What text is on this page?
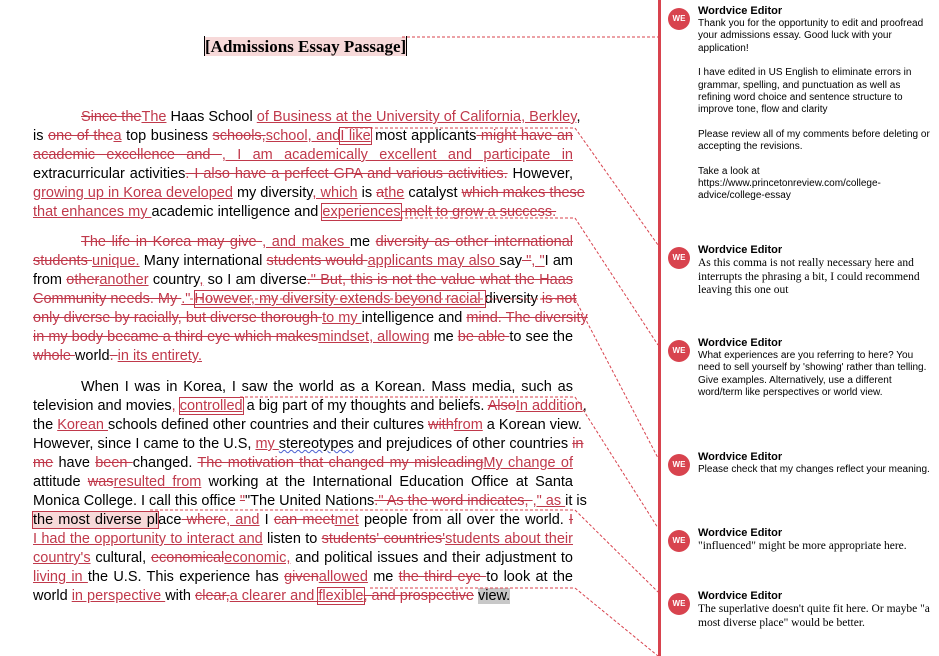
[Admissions Essay Passage]
Since theThe Haas School of Business at the University of California, Berkley,
is one of thea top business schools,school, andI like most applicants might have an
academic excellence and , I am academically excellent and participate in
extracurricular activities. I also have a perfect GPA and various activities. However,
growing up in Korea developed my diversity, which is athe catalyst which makes these
that enhances my academic intelligence and experiences melt to grow a success.
The life in Korea may give , and makes me diversity as other international
students unique. Many international students would applicants may also say ", "I am
from otheranother country, so I am diverse." But, this is not the value what the Haas
Community needs. My ." However, my diversity extends beyond racial diversity is not
only diverse by racially, but diverse thorough to my intelligence and mind. The diversity
in my body became a third eye which makesmindset, allowing me be able to see the
whole world. in its entirety.
When I was in Korea, I saw the world as a Korean. Mass media, such as
television and movies, controlled a big part of my thoughts and beliefs. AlsoIn addition,
the Korean schools defined other countries and their cultures withfrom a Korean view.
However, since I came to the U.S, my stereotypes and prejudices of other countries in
me have been changed. The motivation that changed my misleadingMy change of
attitude wasresulted from working at the International Education Office at Santa
Monica College. I call this office ""The United Nations." As the word indicates, ," as it is
the most diverse place where, and I can meetmet people from all over the world. I
I had the opportunity to interact and listen to students' countries'students about their
country's cultural, economicaleconomic, and political issues and their adjustment to
living in the U.S. This experience has givenallowed me the third eye to look at the
world in perspective with clear,a clearer and flexible, and prospective view.
WE
Wordvice Editor

Thank you for the opportunity to edit and proofread your admissions essay. Good luck with your application!

I have edited in US English to eliminate errors in grammar, spelling, and punctuation as well as refining word choice and sentence structure to improve tone, flow and clarity

Please review all of my comments before deleting or accepting the revisions.

Take a look at https://www.princetonreview.com/college-advice/college-essay

WE
Wordvice Editor

As this comma is not really necessary here and interrupts the phrasing a bit, I could recommend leaving this one out

WE
Wordvice Editor

What experiences are you referring to here? You need to sell yourself by 'showing' rather than telling. Give examples. Alternatively, use a different word/term like perspectives or world view.

WE
Wordvice Editor

Please check that my changes reflect your meaning.

WE
Wordvice Editor

"influenced" might be more appropriate here.

WE
Wordvice Editor

The superlative doesn't quite fit here. Or maybe "a most diverse place" would be better.
